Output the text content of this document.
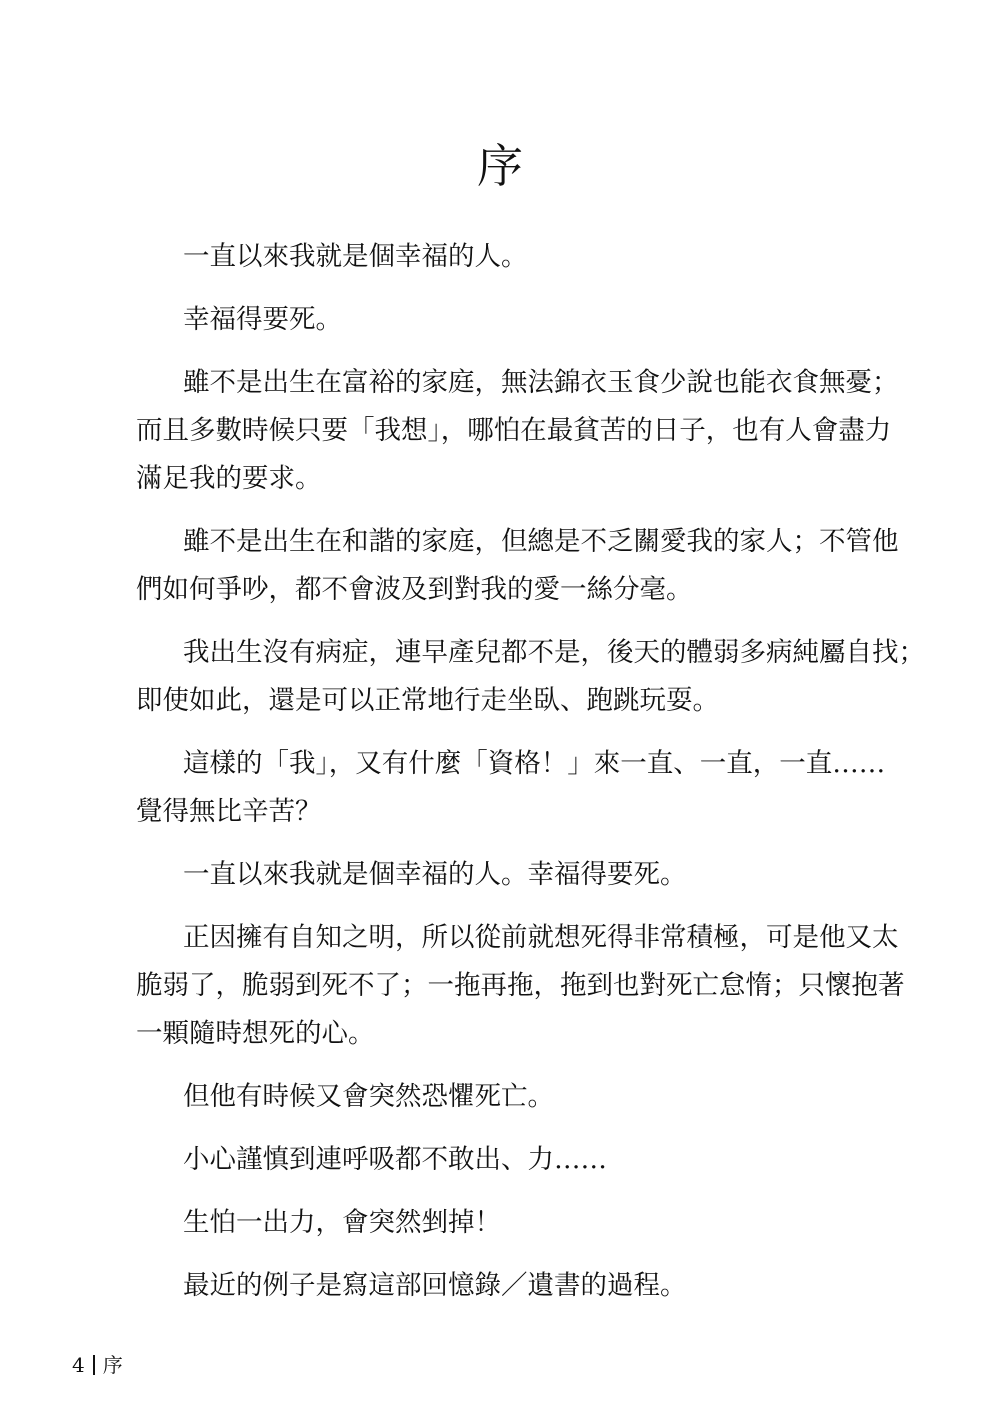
序
一直以來我就是個幸福的人。
幸福得要死。
雖不是出生在富裕的家庭，無法錦衣玉食少說也能衣食無憂；
而且多數時候只要「我想」，哪怕在最貧苦的日子，也有人會盡力
滿足我的要求。
雖不是出生在和諧的家庭，但總是不乏關愛我的家人；不管他
們如何爭吵，都不會波及到對我的愛一絲分毫。
我出生沒有病症，連早產兒都不是，後天的體弱多病純屬自找；
即使如此，還是可以正常地行走坐臥、跑跳玩耍。
這樣的「我」，又有什麼「資格！」來一直、一直，一直……
覺得無比辛苦？
一直以來我就是個幸福的人。幸福得要死。
正因擁有自知之明，所以從前就想死得非常積極，可是他又太
脆弱了，脆弱到死不了；一拖再拖，拖到也對死亡怠惰；只懷抱著
一顆隨時想死的心。
但他有時候又會突然恐懼死亡。
小心謹慎到連呼吸都不敢出、力……
生怕一出力，會突然剉掉！
最近的例子是寫這部回憶錄／遺書的過程。
4 序
